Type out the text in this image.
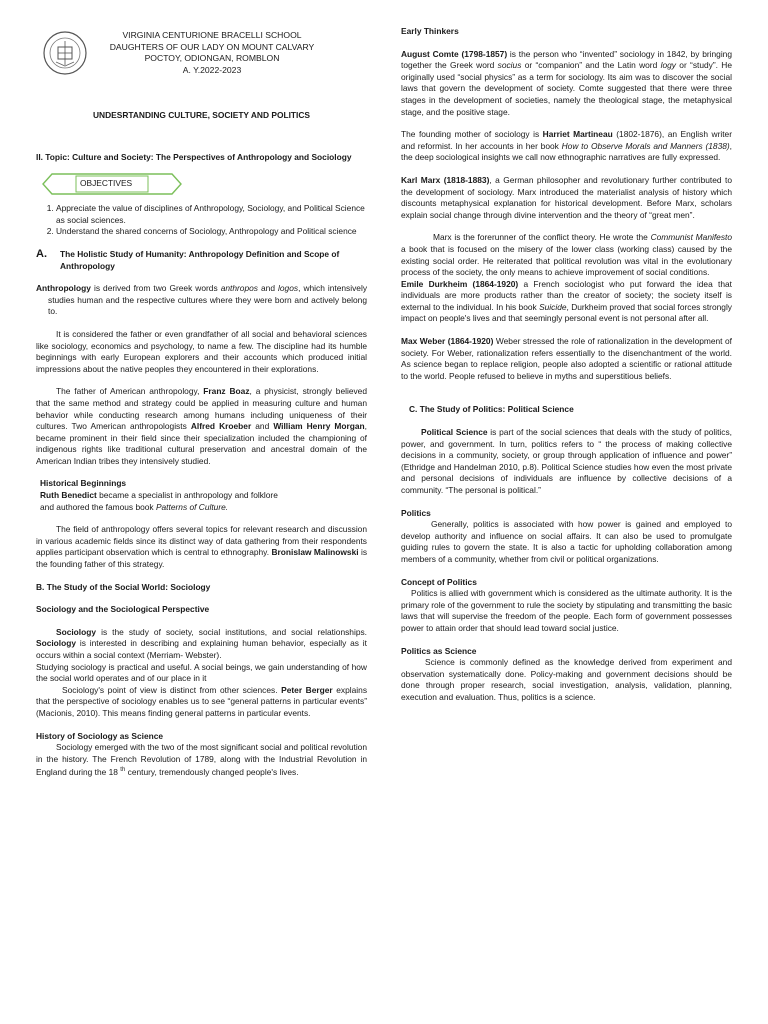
VIRGINIA CENTURIONE BRACELLI SCHOOL
DAUGHTERS OF OUR LADY ON MOUNT CALVARY
POCTOY, ODIONGAN, ROMBLON
A. Y.2022-2023

UNDESRTANDING CULTURE, SOCIETY AND POLITICS

II. Topic: Culture and Society: The Perspectives of Anthropology and Sociology

OBJECTIVES
1. Appreciate the value of disciplines of Anthropology, Sociology, and Political Science as social sciences.
2. Understand the shared concerns of Sociology, Anthropology and Political science
A.	The Holistic Study of Humanity: Anthropology Definition and Scope of Anthropology

Anthropology is derived from two Greek words anthropos and logos, which intensively studies human and the respective cultures where they were born and actively belong to.

It is considered the father or even grandfather of all social and behavioral sciences like sociology, economics and psychology, to name a few. The discipline had its humble beginnings with early European explorers and their accounts which produced initial impressions about the native peoples they encountered in their explorations.

The father of American anthropology, Franz Boaz, a physicist, strongly believed that the same method and strategy could be applied in measuring culture and human behavior while conducting research among humans including uniqueness of their cultures. Two American anthropologists Alfred Kroeber and William Henry Morgan, became prominent in their field since their specialization included the championing of indigenous rights like traditional cultural preservation and ancestral domain of the American Indian tribes they intensively studied.

Historical Beginnings

Ruth Benedict became a specialist in anthropology and folklore and authored the famous book Patterns of Culture.

The field of anthropology offers several topics for relevant research and discussion in various academic fields since its distinct way of data gathering from their respondents applies participant observation which is central to ethnography. Bronislaw Malinowski is the founding father of this strategy.

B. The Study of the Social World: Sociology

Sociology and the Sociological Perspective

Sociology is the study of society, social institutions, and social relationships. Sociology is interested in describing and explaining human behavior, especially as it occurs within a social context (Merriam- Webster).

Studying sociology is practical and useful. A social beings, we gain understanding of how the social world operates and of our place in it

Sociology's point of view is distinct from other sciences. Peter Berger explains that the perspective of sociology enables us to see “general patterns in particular events” (Macionis, 2010). This means finding general patterns in particular events.

History of Sociology as Science

Sociology emerged with the two of the most significant social and political revolution in the history. The French Revolution of 1789, along with the Industrial Revolution in England during the 18 $^{th}$ century, tremendously changed people's lives.

Early Thinkers

August Comte (1798-1857) is the person who “invented” sociology in 1842, by bringing together the Greek word socius or “companion” and the Latin word logy or “study”. He originally used “social physics” as a term for sociology. Its aim was to discover the social laws that govern the development of society. Comte suggested that there were three stages in the development of societies, namely the theological stage, the metaphysical stage, and the positive stage.

The founding mother of sociology is Harriet Martineau (1802-1876), an English writer and reformist. In her accounts in her book How to Observe Morals and Manners (1838), the deep sociological insights we call now ethnographic narratives are fully expressed.

Karl Marx (1818-1883), a German philosopher and revolutionary further contributed to the development of sociology. Marx introduced the materialist analysis of history which discounts metaphysical explanation for historical development. Before Marx, scholars explain social change through divine intervention and the theory of “great men”.

Marx is the forerunner of the conflict theory. He wrote the Communist Manifesto a book that is focused on the misery of the lower class (working class) caused by the existing social order. He reiterated that political revolution was vital in the evolutionary process of the society, the only means to achieve improvement of social conditions.

Emile Durkheim (1864-1920) a French sociologist who put forward the idea that individuals are more products rather than the creator of society; the society itself is external to the individual. In his book Suicide, Durkheim proved that social forces strongly impact on people's lives and that seemingly personal event is not personal after all.

Max Weber (1864-1920) Weber stressed the role of rationalization in the development of society. For Weber, rationalization refers essentially to the disenchantment of the world. As science began to replace religion, people also adopted a scientific or rational attitude to the world. People refused to believe in myths and superstitious beliefs.

C. The Study of Politics: Political Science

Political Science is part of the social sciences that deals with the study of politics, power, and government. In turn, politics refers to “ the process of making collective decisions in a community, society, or group through application of influence and power” (Ethridge and Handelman 2010, p.8). Political Science studies how even the most private and personal decisions of individuals are influence by collective decisions of a community. “The personal is political.”

Politics

Generally, politics is associated with how power is gained and employed to develop authority and influence on social affairs. It can also be used to promulgate guiding rules to govern the state. It is also a tactic for upholding collaboration among members of a community, whether from civil or political organizations.

Concept of Politics

Politics is allied with government which is considered as the ultimate authority. It is the primary role of the government to rule the society by stipulating and transmitting the basic laws that will supervise the freedom of the people. Each form of government possesses power to attain order that should lead toward social justice.

Politics as Science

Science is commonly defined as the knowledge derived from experiment and observation systematically done. Policy-making and government decisions should be done through proper research, social investigation, analysis, validation, planning, execution and evaluation. Thus, politics is a science.
